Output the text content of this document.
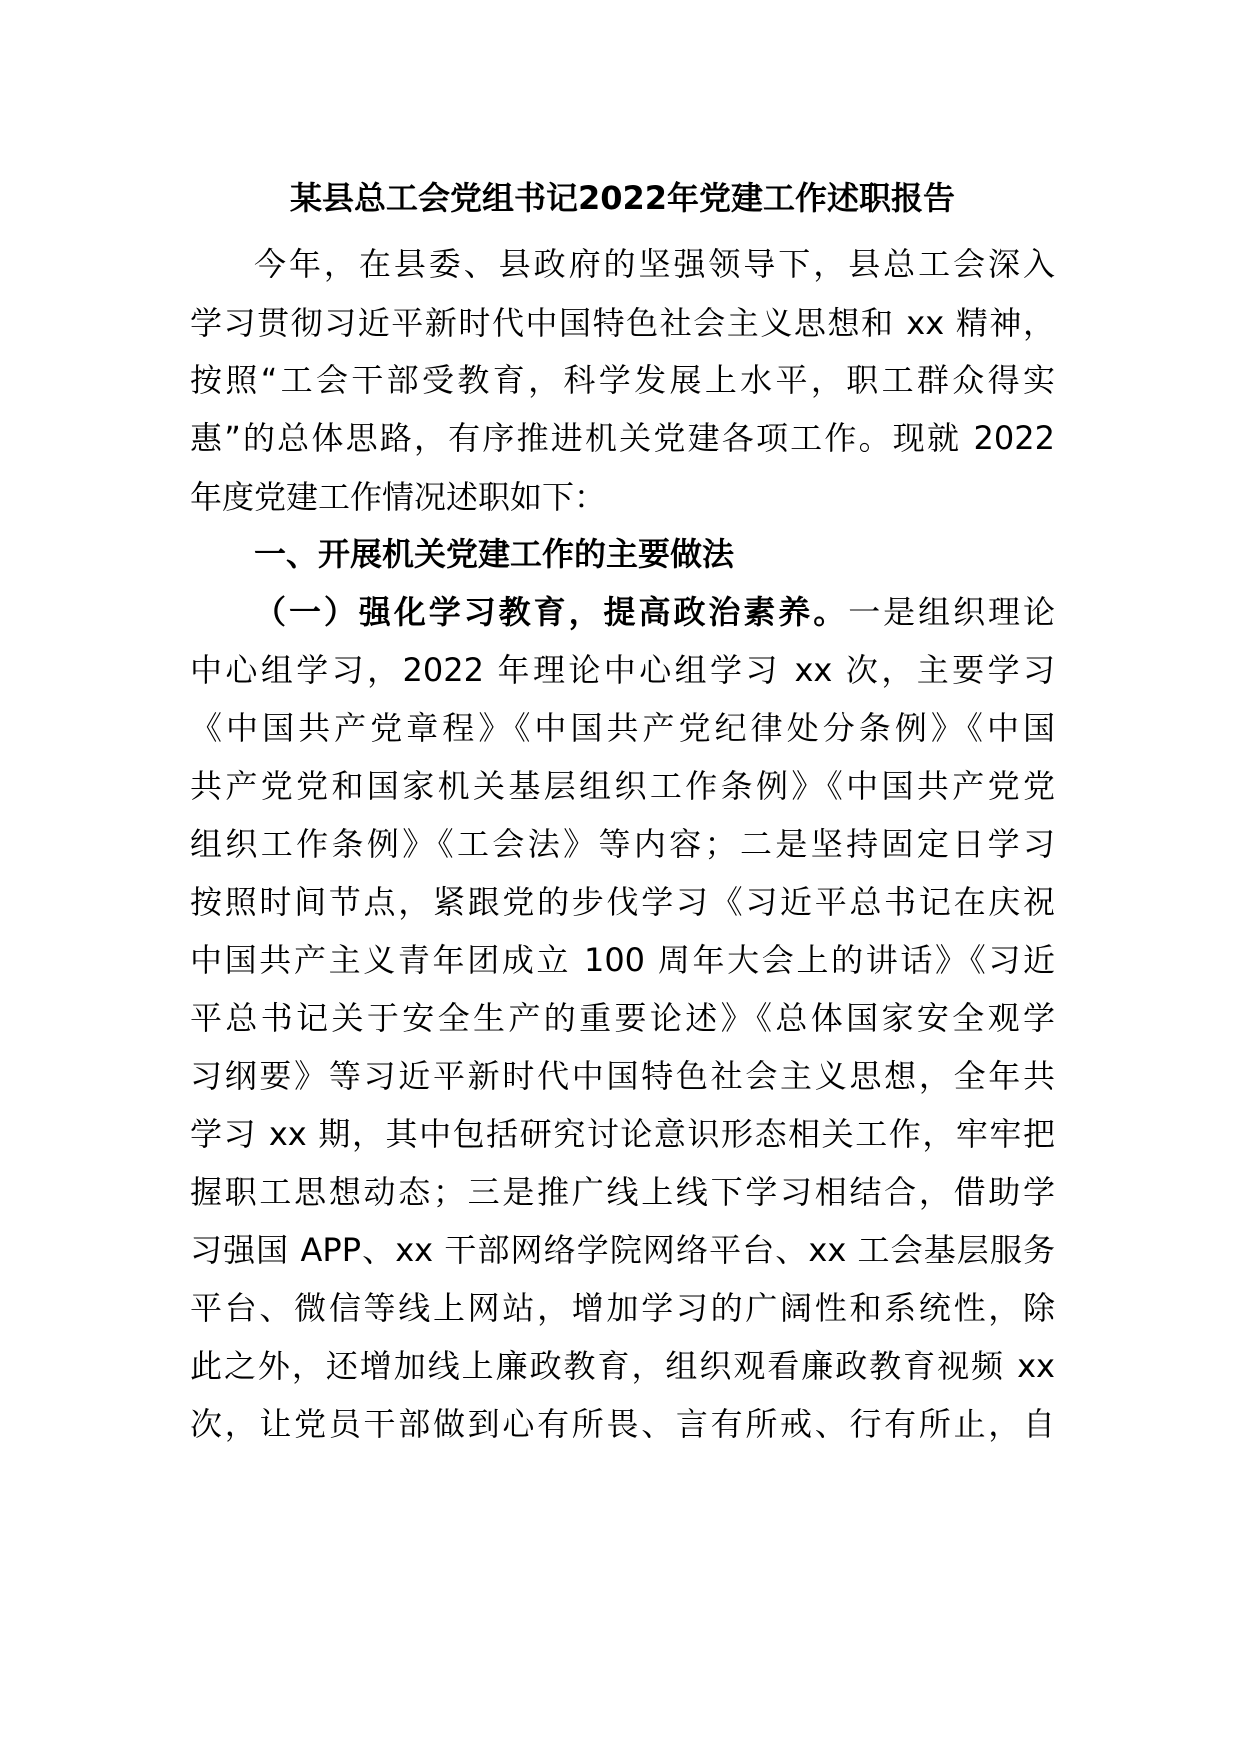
某县总工会党组书记2022年党建工作述职报告
今年，在县委、县政府的坚强领导下，县总工会深入
学习贯彻习近平新时代中国特色社会主义思想和 xx 精神，
按照“工会干部受教育，科学发展上水平，职工群众得实
惠”的总体思路，有序推进机关党建各项工作。现就 2022
年度党建工作情况述职如下：
一、开展机关党建工作的主要做法
（一）强化学习教育，提高政治素养。一是组织理论
中心组学习，2022 年理论中心组学习 xx 次，主要学习
《中国共产党章程》《中国共产党纪律处分条例》《中国
共产党党和国家机关基层组织工作条例》《中国共产党党
组织工作条例》《工会法》等内容；二是坚持固定日学习
按照时间节点，紧跟党的步伐学习《习近平总书记在庆祝
中国共产主义青年团成立 100 周年大会上的讲话》《习近
平总书记关于安全生产的重要论述》《总体国家安全观学
习纲要》等习近平新时代中国特色社会主义思想，全年共
学习 xx 期，其中包括研究讨论意识形态相关工作，牢牢把
握职工思想动态；三是推广线上线下学习相结合，借助学
习强国 APP、xx 干部网络学院网络平台、xx 工会基层服务
平台、微信等线上网站，增加学习的广阔性和系统性，除
此之外，还增加线上廉政教育，组织观看廉政教育视频 xx
次，让党员干部做到心有所畏、言有所戒、行有所止，自
